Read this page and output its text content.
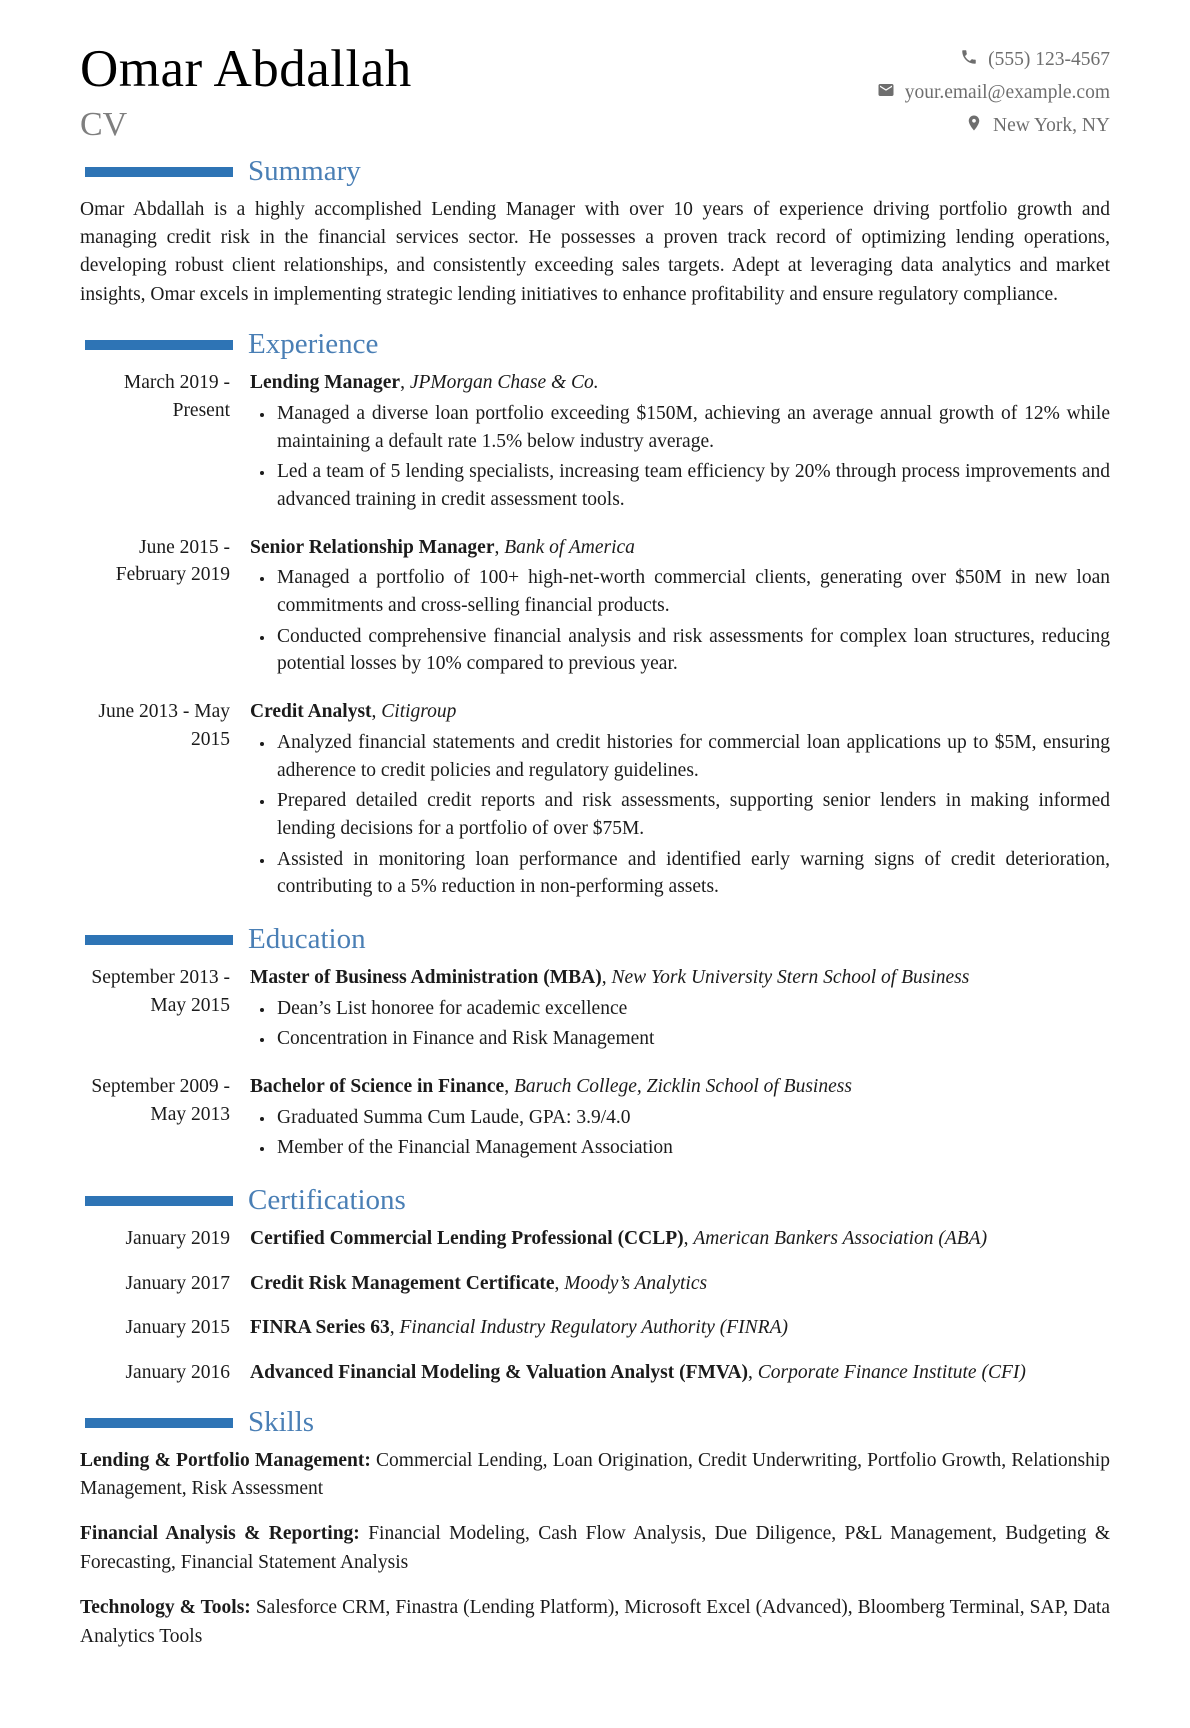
Omar Abdallah
CV
(555) 123-4567
your.email@example.com
New York, NY
Summary

Omar Abdallah is a highly accomplished Lending Manager with over 10 years of experience driving portfolio growth and managing credit risk in the financial services sector. He possesses a proven track record of optimizing lending operations, developing robust client relationships, and consistently exceeding sales targets. Adept at leveraging data analytics and market insights, Omar excels in implementing strategic lending initiatives to enhance profitability and ensure regulatory compliance.

Experience
March 2019 - Present
Lending Manager, JPMorgan Chase & Co.
• Managed a diverse loan portfolio exceeding $150M, achieving an average annual growth of 12% while maintaining a default rate 1.5% below industry average.
• Led a team of 5 lending specialists, increasing team efficiency by 20% through process improvements and advanced training in credit assessment tools.
June 2015 - February 2019
Senior Relationship Manager, Bank of America
• Managed a portfolio of 100+ high-net-worth commercial clients, generating over $50M in new loan commitments and cross-selling financial products.
• Conducted comprehensive financial analysis and risk assessments for complex loan structures, reducing potential losses by 10% compared to previous year.
June 2013 - May 2015
Credit Analyst, Citigroup
• Analyzed financial statements and credit histories for commercial loan applications up to $5M, ensuring adherence to credit policies and regulatory guidelines.
• Prepared detailed credit reports and risk assessments, supporting senior lenders in making informed lending decisions for a portfolio of over $75M.
• Assisted in monitoring loan performance and identified early warning signs of credit deterioration, contributing to a 5% reduction in non-performing assets.
Education
September 2013 - May 2015
Master of Business Administration (MBA), New York University Stern School of Business
• Dean’s List honoree for academic excellence
• Concentration in Finance and Risk Management
September 2009 - May 2013
Bachelor of Science in Finance, Baruch College, Zicklin School of Business
• Graduated Summa Cum Laude, GPA: 3.9/4.0
• Member of the Financial Management Association
Certifications
January 2019	Certified Commercial Lending Professional (CCLP), American Bankers Association (ABA)
January 2017	Credit Risk Management Certificate, Moody’s Analytics
January 2015	FINRA Series 63, Financial Industry Regulatory Authority (FINRA)
January 2016	Advanced Financial Modeling & Valuation Analyst (FMVA), Corporate Finance Institute (CFI)
Skills

Lending & Portfolio Management: Commercial Lending, Loan Origination, Credit Underwriting, Portfolio Growth, Relationship Management, Risk Assessment

Financial Analysis & Reporting: Financial Modeling, Cash Flow Analysis, Due Diligence, P&L Management, Budgeting & Forecasting, Financial Statement Analysis

Technology & Tools: Salesforce CRM, Finastra (Lending Platform), Microsoft Excel (Advanced), Bloomberg Terminal, SAP, Data Analytics Tools
